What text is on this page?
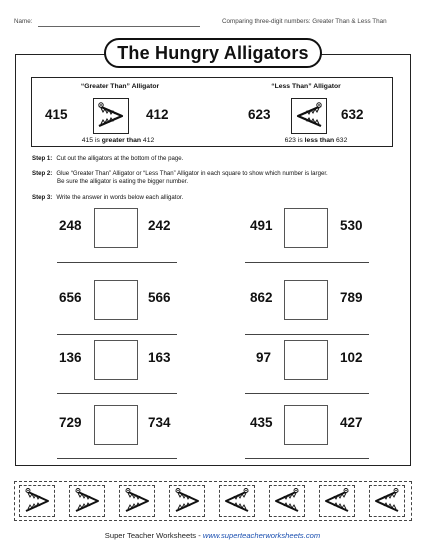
Name:	Comparing three-digit numbers: Greater Than & Less Than
The Hungry Alligators
“Greater Than” Alligator
415	412
415 is greater than 412
“Less Than” Alligator
623	632
623 is less than 632
Step 1: Cut out the alligators at the bottom of the page.
Step 2: Glue “Greater Than” Alligator or “Less Than” Alligator in each square to show which number is larger.
Be sure the alligator is eating the bigger number.
Step 3: Write the answer in words below each alligator.
248	242	491	530
656	566	862	789
136	163	97	102
729	734	435	427
Super Teacher Worksheets - www.superteacherworksheets.com
